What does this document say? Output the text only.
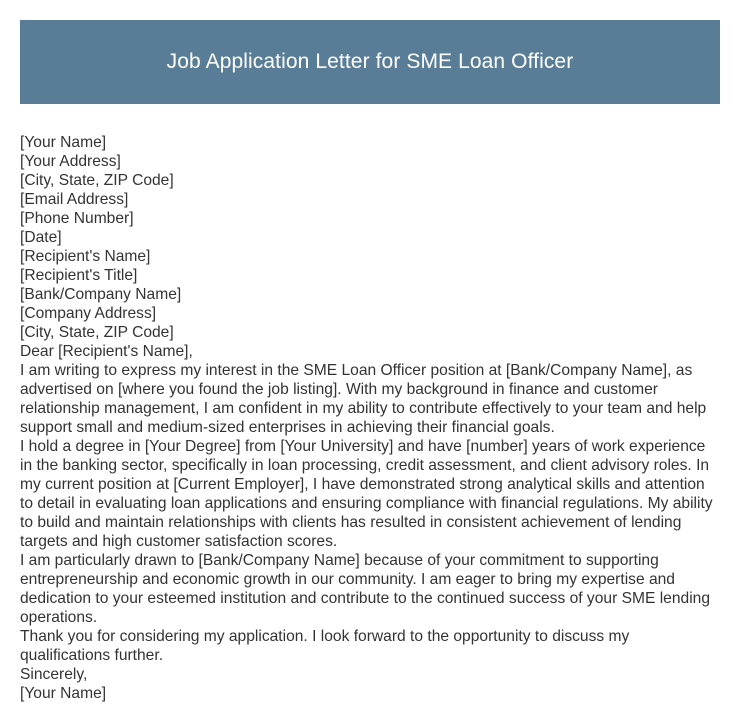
Job Application Letter for SME Loan Officer

[Your Name]

[Your Address]

[City, State, ZIP Code]

[Email Address]

[Phone Number]

[Date]

[Recipient's Name]

[Recipient's Title]

[Bank/Company Name]

[Company Address]

[City, State, ZIP Code]

Dear [Recipient's Name],

I am writing to express my interest in the SME Loan Officer position at [Bank/Company Name], as advertised on [where you found the job listing]. With my background in finance and customer relationship management, I am confident in my ability to contribute effectively to your team and help support small and medium-sized enterprises in achieving their financial goals.

I hold a degree in [Your Degree] from [Your University] and have [number] years of work experience in the banking sector, specifically in loan processing, credit assessment, and client advisory roles. In my current position at [Current Employer], I have demonstrated strong analytical skills and attention to detail in evaluating loan applications and ensuring compliance with financial regulations. My ability to build and maintain relationships with clients has resulted in consistent achievement of lending targets and high customer satisfaction scores.

I am particularly drawn to [Bank/Company Name] because of your commitment to supporting entrepreneurship and economic growth in our community. I am eager to bring my expertise and dedication to your esteemed institution and contribute to the continued success of your SME lending operations.

Thank you for considering my application. I look forward to the opportunity to discuss my qualifications further.

Sincerely,

[Your Name]
